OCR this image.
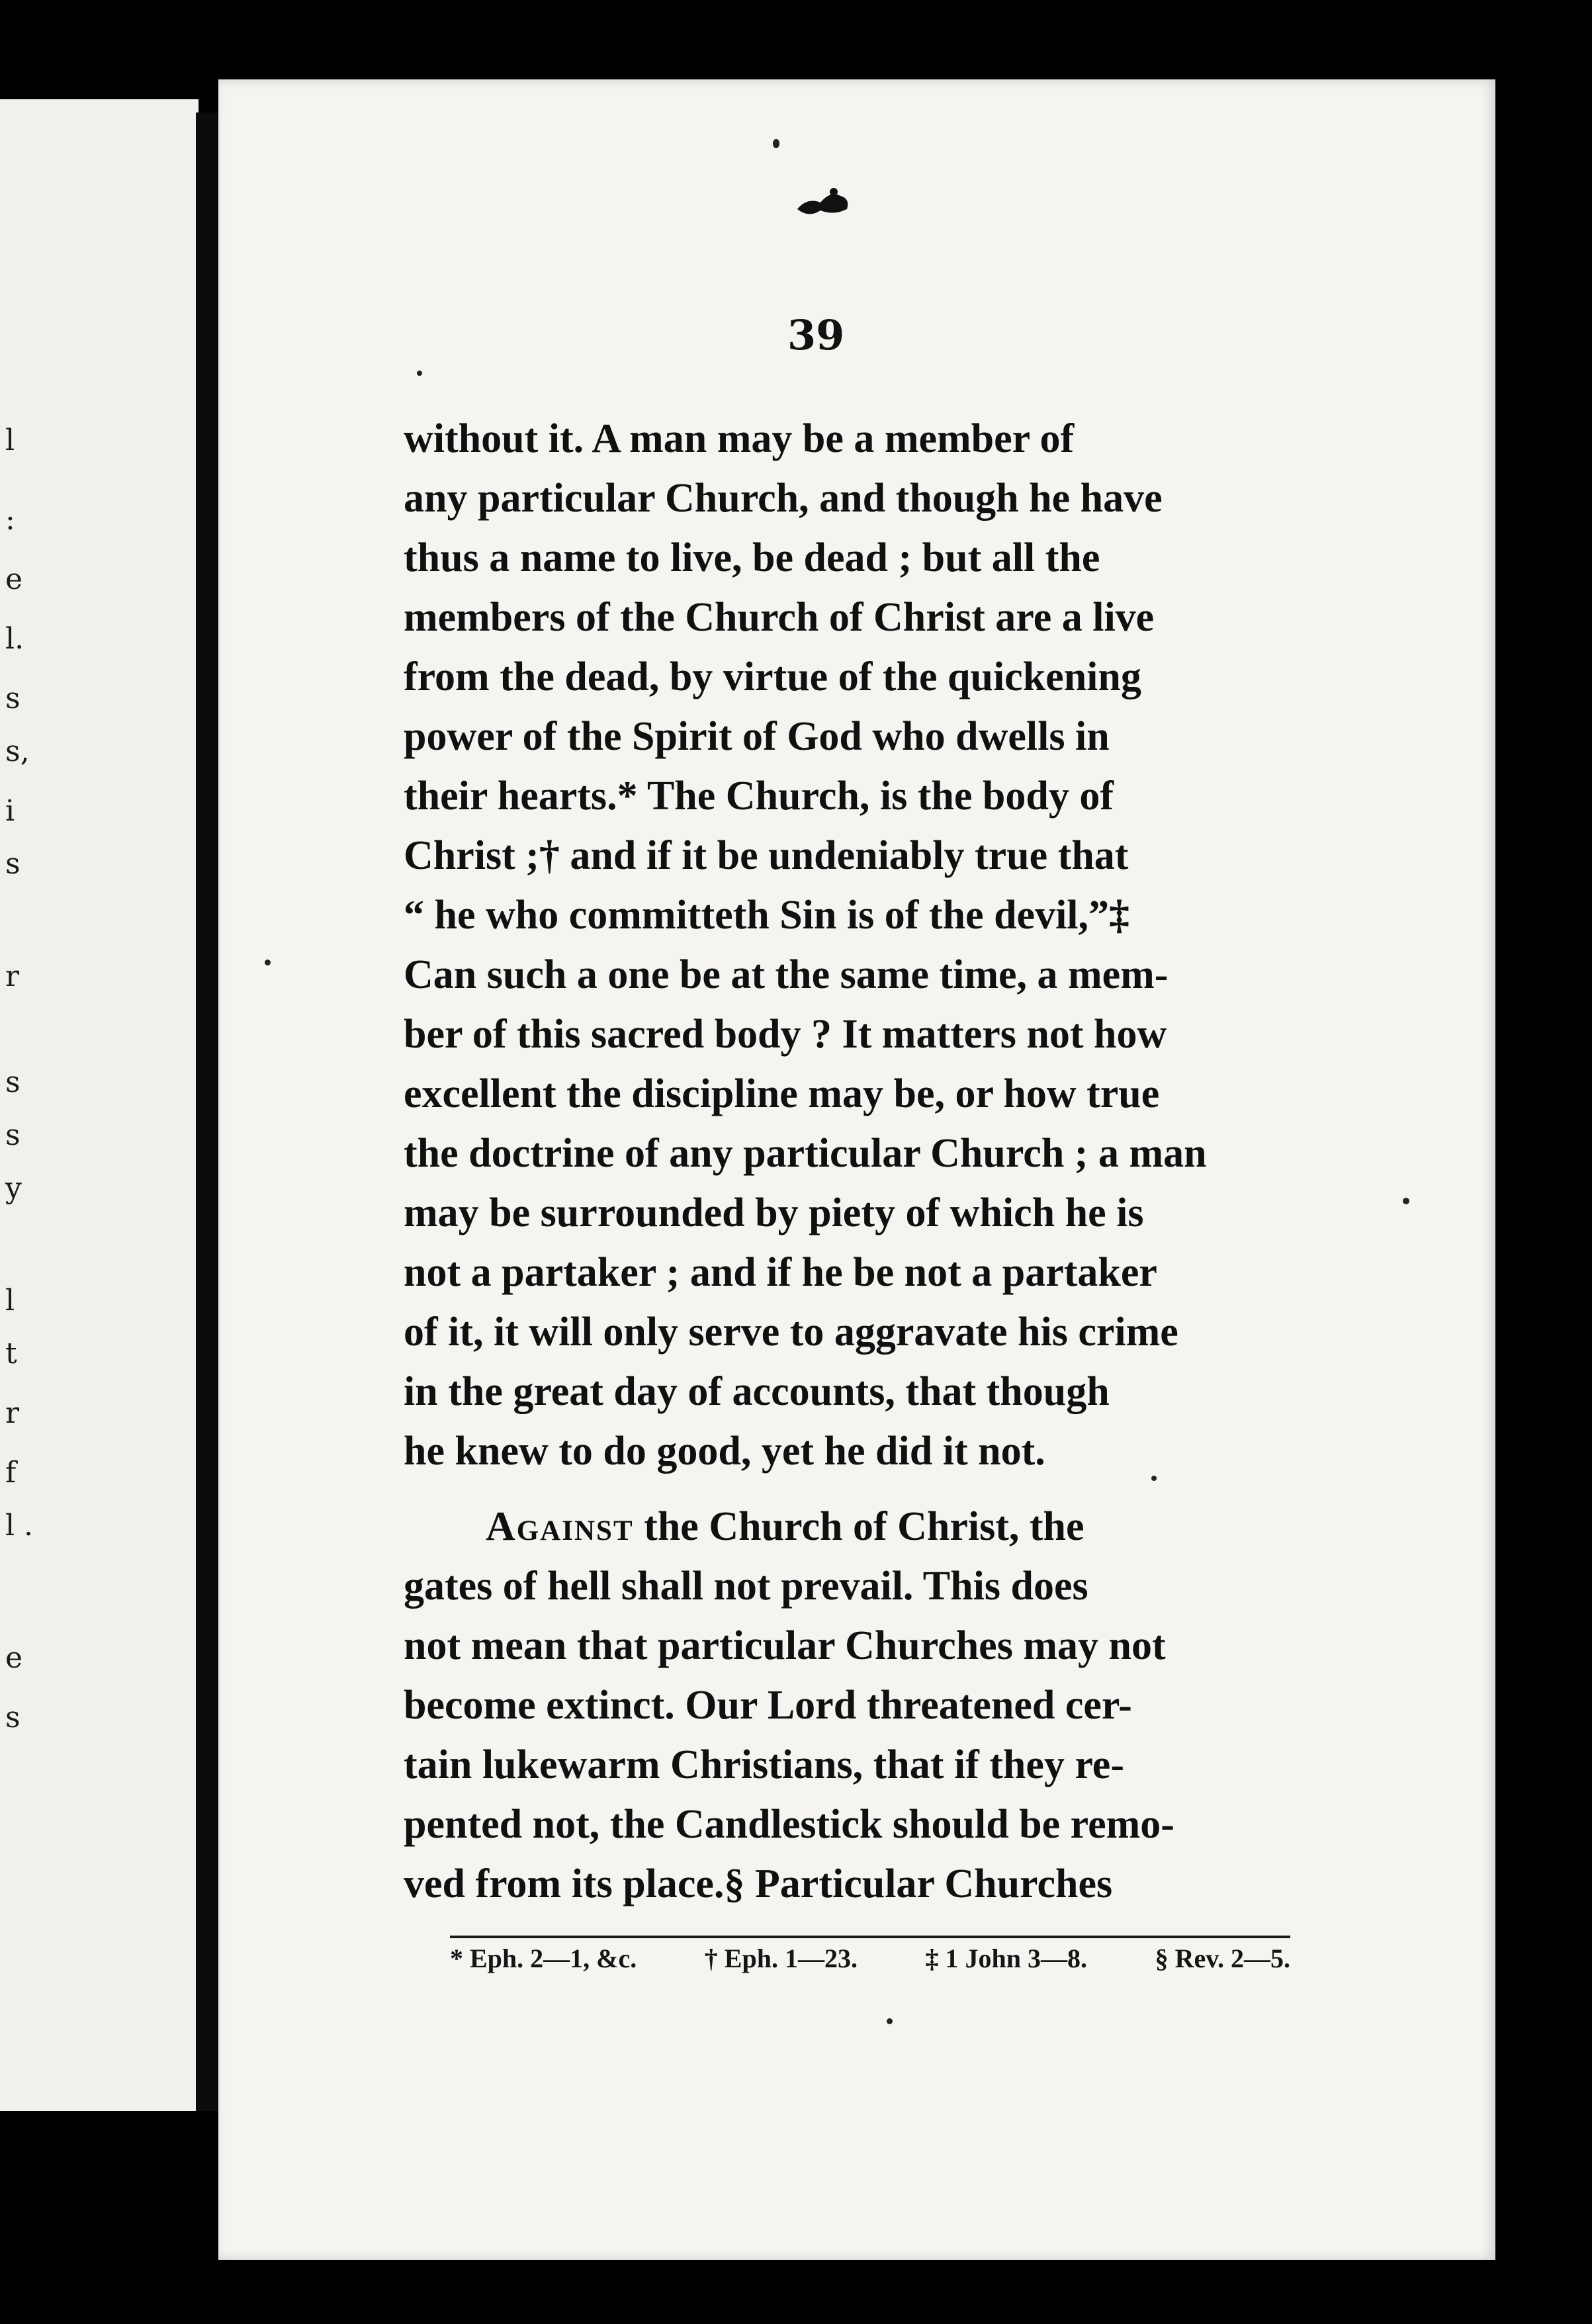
l
:
e
l.
s
s,
i
s
r
s
s
y
l
t
r
f
l .
e
s
39
without it. A man may be a member of
any particular Church, and though he have
thus a name to live, be dead ; but all the
members of the Church of Christ are a live
from the dead, by virtue of the quickening
power of the Spirit of God who dwells in
their hearts.* The Church, is the body of
Christ ;† and if it be undeniably true that
“ he who committeth Sin is of the devil,”‡
Can such a one be at the same time, a mem-
ber of this sacred body ? It matters not how
excellent the discipline may be, or how true
the doctrine of any particular Church ; a man
may be surrounded by piety of which he is
not a partaker ; and if he be not a partaker
of it, it will only serve to aggravate his crime
in the great day of accounts, that though
he knew to do good, yet he did it not.
  Against the Church of Christ, the
gates of hell shall not prevail. This does
not mean that particular Churches may not
become extinct. Our Lord threatened cer-
tain lukewarm Christians, that if they re-
pented not, the Candlestick should be remo-
ved from its place.§ Particular Churches
* Eph. 2—1, &c.	† Eph. 1—23.	‡ 1 John 3—8.	§ Rev. 2—5.
